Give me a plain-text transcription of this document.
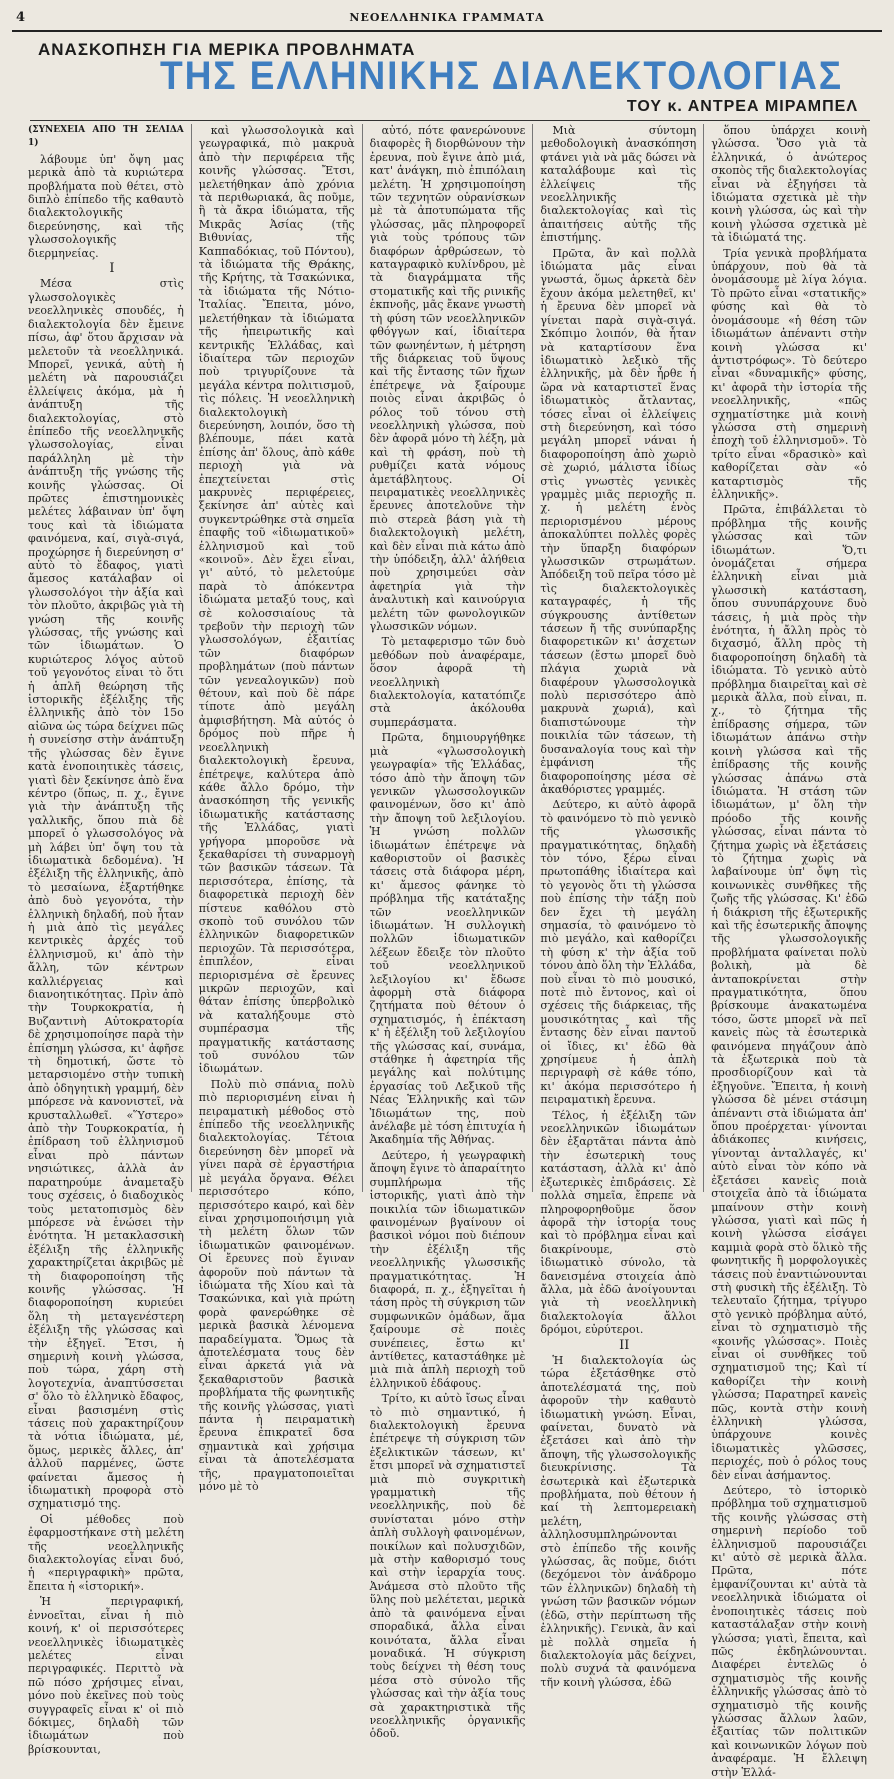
4	ΝΕΟΕΛΛΗΝΙΚΑ ΓΡΑΜΜΑΤΑ
ΑΝΑΣΚΟΠΗΣΗ ΓΙΑ ΜΕΡΙΚΑ ΠΡΟΒΛΗΜΑΤΑ
ΤΗΣ ΕΛΛΗΝΙΚΗΣ ΔΙΑΛΕΚΤΟΛΟΓΙΑΣ
ΤΟΥ κ. ΑΝΤΡΕΑ ΜΙΡΑΜΠΕΛ

(ΣΥΝΕΧΕΙΑ ΑΠΟ ΤΗ ΣΕΛΙΔΑ 1)

λάβουμε ὑπ' ὄψη μας μερικὰ ἀπὸ τὰ κυριώτερα προβλήματα ποὺ θέτει, στὸ διπλὸ ἐπίπεδο τῆς καθαυτὸ διαλεκτολογικῆς διερεύνησης, καὶ τῆς γλωσσολογικῆς διερμηνείας.

Ι

Μέσα στὶς γλωσσολογικὲς νεοελληνικὲς σπουδές, ἡ διαλεκτολογία δὲν ἔμεινε πίσω, ἀφ' ὅτου ἄρχισαν νὰ μελετοῦν τὰ νεοελληνικά. Μπορεῖ, γενικά, αὐτὴ ἡ μελέτη νὰ παρουσιάζει ἐλλείψεις ἀκόμα, μὰ ἡ ἀνάπτυξη τῆς διαλεκτολογίας, στὸ ἐπίπεδο τῆς νεοελληνικῆς γλωσσολογίας, εἶναι παράλληλη μὲ τὴν ἀνάπτυξη τῆς γνώσης τῆς κοινῆς γλώσσας. Οἱ πρῶτες ἐπιστημονικὲς μελέτες λάβαιναν ὑπ' ὄψη τους καὶ τὰ ἰδιώματα φαινόμενα, καί, σιγὰ-σιγά, προχώρησε ἡ διερεύνηση σ' αὐτὸ τὸ ἔδαφος, γιατὶ ἄμεσος κατάλαβαν οἱ γλωσσολόγοι τὴν ἀξία καὶ τὸν πλοῦτο, ἀκριβῶς γιὰ τὴ γνώση τῆς κοινῆς γλώσσας, τῆς γνώσης καὶ τῶν ἰδιωμάτων. Ὁ κυριώτερος λόγος αὐτοῦ τοῦ γεγονότος εἶναι τὸ ὅτι ἡ ἁπλῆ θεώρηση τῆς ἱστορικῆς ἐξέλιξης τῆς ἑλληνικῆς ἀπὸ τὸν 15ο αἰῶνα ὡς τώρα δείχνει πῶς ἡ συνείσησ στὴν ἀνάπτυξη τῆς γλώσσας δὲν ἔγινε κατὰ ἑνοποιητικὲς τάσεις, γιατὶ δὲν ξεκίνησε ἀπὸ ἕνα κέντρο (ὅπως, π. χ., ἔγινε γιὰ τὴν ἀνάπτυξη τῆς γαλλικῆς, ὅπου πιὰ δὲ μπορεῖ ὁ γλωσσολόγος νὰ μὴ λάβει ὑπ' ὄψη του τὰ ἰδιωματικὰ δεδομένα). Ἡ ἐξέλιξη τῆς ἑλληνικῆς, ἀπὸ τὸ μεσαίωνα, ἐξαρτήθηκε ἀπὸ δυὸ γεγονότα, τὴν ἑλληνικὴ δηλαδή, ποὺ ἦταν ἡ μιὰ ἀπὸ τὶς μεγάλες κεντρικὲς ἀρχές τοῦ ἑλληνισμοῦ, κι' ἀπὸ τὴν ἄλλη, τῶν κέντρων καλλιέργειας καὶ διανοητικότητας. Πρὶν ἀπὸ τὴν Τουρκοκρατία, ἡ Βυζαντινὴ Αὐτοκρατορία δὲ χρησιμοποίησε παρὰ τὴν ἐπίσημη γλώσσα, κι' ἀφῆσε τὴ δημοτική, ὥστε τὸ μεταρσιομένο στὴν τυπικὴ ἀπὸ ὀδηγητικὴ γραμμή, δὲν μπόρεσε νὰ κανονιστεῖ, νὰ κρυσταλλωθεῖ. «Ὕστερο» ἀπὸ τὴν Τουρκοκρατία, ἡ ἐπίδραση τοῦ ἑλληνισμοῦ εἶναι πρὸ πάντων νησιώτικες, ἀλλὰ ἀν παρατηρούμε ἀναμεταξὺ τους σχέσεις, ὁ διαδοχικὸς τοὺς μετατοπισμὸς δὲν μπόρεσε νὰ ἑνώσει τὴν ἑνότητα. Ἡ μετακλασσικὴ ἐξέλιξη τῆς ἑλληνικῆς χαρακτηρίζεται ἀκριβῶς μὲ τὴ διαφοροποίηση τῆς κοινῆς γλώσσας. Ἡ διαφοροποίηση κυριεύει ὅλη τὴ μεταγενέστερη ἐξέλιξη τῆς γλώσσας καὶ τὴν ἐξηγεῖ. Ἔτσι, ἡ σημερινὴ κοινὴ γλώσσα, ποὺ τώρα, χάρη στὴ λογοτεχνία, ἀναπτύσσεται σ' ὅλο τὸ ἑλληνικὸ ἔδαφος, εἶναι βασισμένη στὶς τάσεις ποὺ χαρακτηρίζουν τὰ νότια ἰδιώματα, μέ, ὅμως, μερικὲς ἄλλες, ἀπ' ἀλλοῦ παρμένες, ὥστε φαίνεται ἄμεσος ἡ ἰδιωματικὴ προφορὰ στὸ σχηματισμό της.

Οἱ μέθοδες ποὺ ἐφαρμοστήκανε στὴ μελέτη τῆς νεοελληνικῆς διαλεκτολογίας εἶναι δυό, ἡ «περιγραφικὴ» πρῶτα, ἔπειτα ἡ «ἱστορική».

Ἡ περιγραφική, ἐννοεῖται, εἶναι ἡ πιὸ κοινή, κ' οἱ περισσότερες νεοελληνικὲς ἰδιωματικὲς μελέτες εἶναι περιγραφικές. Περιττὸ νὰ πῶ πόσο χρήσιμες εἶναι, μόνο ποὺ ἐκεῖνες ποὺ τοὺς συγγραφεῖς εἶναι κ' οἱ πιὸ δόκιμες, δηλαδὴ τῶν ἰδιωμάτων ποὺ βρίσκουνται,

καὶ γλωσσολογικὰ καὶ γεωγραφικά, πιὸ μακρυὰ ἀπὸ τὴν περιφέρεια τῆς κοινῆς γλώσσας. Ἔτσι, μελετήθηκαν ἀπὸ χρόνια τὰ περιθωριακά, ἃς ποῦμε, ἢ τὰ ἄκρα ἰδιώματα, τῆς Μικρᾶς Ἀσίας (τῆς Βιθυνίας, τῆς Καππαδόκιας, τοῦ Πόντου), τὰ ἰδιώματα τῆς Θράκης, τῆς Κρήτης, τὰ Τσακώνικα, τὰ ἰδιώματα τῆς Νότιο-Ἰταλίας. Ἔπειτα, μόνο, μελετήθηκαν τὰ ἰδιώματα τῆς ἠπειρωτικῆς καὶ κεντρικῆς Ἑλλάδας, καὶ ἰδιαίτερα τῶν περιοχῶν ποὺ τριγυρίζουνε τὰ μεγάλα κέντρα πολιτισμοῦ, τὶς πόλεις. Ἡ νεοελληνικὴ διαλεκτολογικὴ διερεύνηση, λοιπόν, ὅσο τὴ βλέπουμε, πάει κατὰ ἐπίσης ἀπ' ὅλους, ἀπὸ κάθε περιοχὴ γιὰ νὰ ἐπεχτείνεται στὶς μακρυνὲς περιφέρειες, ξεκίνησε ἀπ' αὐτὲς καὶ συγκεντρώθηκε στὰ σημεῖα ἐπαφῆς τοῦ «ἰδιωματικοῦ» ἑλληνισμοῦ καὶ τοῦ «κοινοῦ». Δὲν ἔχει εἶναι, γι' αὐτό, τὸ μελετούμε παρὰ τὸ ἀπόκεντρα ἰδιώματα μεταξύ τους, καὶ σὲ κολοσσιαίους τὰ τρεβοῦν τὴν περιοχὴ τῶν γλωσσολόγων, ἐξαιτίας τῶν διαφόρων προβλημάτων (ποὺ πάντων τῶν γενεαλογικῶν) ποὺ θέτουν, καὶ ποὺ δὲ πάρε τίποτε ἀπὸ μεγάλη ἀμφισβήτηση. Μὰ αὐτός ὁ δρόμος ποὺ πῆρε ἡ νεοελληνικὴ διαλεκτολογικὴ ἔρευνα, ἐπέτρεψε, καλύτερα ἀπὸ κάθε ἄλλο δρόμο, τὴν ἀνασκόπηση τῆς γενικῆς ἰδιωματικῆς κατάστασης τῆς Ἑλλάδας, γιατὶ γρήγορα μποροῦσε νὰ ξεκαθαρίσει τὴ συναρμογὴ τῶν βασικῶν τάσεων. Τὰ περισσότερα, ἐπίσης, τὰ διαφορετικὰ περιοχὴ δὲν πίστευε καθόλου στὸ σκοπὸ τοῦ συνόλου τῶν ἑλληνικῶν διαφορετικῶν περιοχῶν. Τὰ περισσότερα, ἐπιπλέον, εἶναι περιορισμένα σὲ ἔρευνες μικρῶν περιοχῶν, καὶ θάταν ἐπίσης ὑπερβολικὸ νὰ καταλήξουμε στὸ συμπέρασμα τῆς πραγματικῆς κατάστασης τοῦ συνόλου τῶν ἰδιωμάτων.

Πολὺ πιὸ σπάνια, πολὺ πιὸ περιορισμένη εἶναι ἡ πειραματικὴ μέθοδος στὸ ἐπίπεδο τῆς νεοελληνικῆς διαλεκτολογίας. Τέτοια διερεύνηση δὲν μπορεῖ νὰ γίνει παρὰ σὲ ἐργαστήρια μὲ μεγάλα ὄργανα. Θέλει περισσότερο κόπο, περισσότερο καιρό, καὶ δὲν εἶναι χρησιμοποιήσιμη γιὰ τὴ μελέτη ὅλων τῶν ἰδιωματικῶν φαινομένων. Οἱ ἔρευνες ποὺ ἔγιναν ἀφοροῦν ποὺ πάντων τὰ ἰδιώματα τῆς Χίου καὶ τὰ Τσακώνικα, καὶ γιὰ πρώτη φορὰ φανερώθηκε σὲ μερικὰ βασικὰ λένομενα παραδείγματα. Ὅμως τὰ ἀποτελέσματα τους δὲν εἶναι ἀρκετά γιὰ νὰ ξεκαθαριστοῦν βασικὰ προβλήματα τῆς φωνητικῆς τῆς κοινῆς γλώσσας, γιατὶ πάντα ἡ πειραματικὴ ἔρευνα ἐπικρατεῖ δσα σημαντικὰ καὶ χρήσιμα εἶναι τὰ ἀποτελέσματα τῆς, πραγματοποιεῖται μόνο μὲ τὸ

αὐτό, πότε φανερώνουνε διαφορὲς ἢ διορθώνουν τὴν ἐρευνα, ποὺ ἔγινε ἀπὸ μιά, κατ' ἀνάγκη, πιὸ ἐπιπόλαιη μελέτη. Ἡ χρησιμοποίηση τῶν τεχνητῶν οὐρανίσκων μὲ τὰ ἀποτυπώματα τῆς γλώσσας, μᾶς πληροφορεῖ γιὰ τοὺς τρόπους τῶν διαφόρων ἀρθρώσεων, τὸ καταγραφικὸ κυλίνδρου, μὲ τὰ διαγράμματα τῆς στοματικῆς καὶ τῆς ρινικῆς ἐκπνοῆς, μᾶς ἔκανε γνωστὴ τὴ φύση τῶν νεοελληνικῶν φθόγγων καί, ἰδιαίτερα τῶν φωνηέντων, ἡ μέτρηση τῆς διάρκειας τοῦ ὕψους καὶ τῆς ἔντασης τῶν ἤχων ἐπέτρεψε νὰ ξαίρουμε ποιὸς εἶναι ἀκριβῶς ὁ ρόλος τοῦ τόνου στὴ νεοελληνικὴ γλώσσα, ποὺ δὲν ἀφορᾶ μόνο τὴ λέξη, μὰ καὶ τὴ φράση, ποὺ τὴ ρυθμίζει κατὰ νόμους ἀμετάβλητους. Οἱ πειραματικὲς νεοελληνικὲς ἔρευνες ἀποτελοῦνε τὴν πιὸ στερεὰ βάση γιὰ τὴ διαλεκτολογικὴ μελέτη, καὶ δὲν εἶναι πιὰ κάτω ἀπὸ τὴν ὑπόδειξη, ἀλλ' ἀλήθεια ποὺ χρησιμεύει σὰν ἀφετηρία γιὰ τὴν ἀναλυτικὴ καὶ καινούργια μελέτη τῶν φωνολογικῶν γλωσσικῶν νόμων.

Τὸ μεταφερισμο τῶν δυὸ μεθόδων ποὺ ἀναφέραμε, ὅσον ἀφορᾶ τὴ νεοελληνικὴ διαλεκτολογία, κατατόπιζε στὰ ἀκόλουθα συμπεράσματα.

Πρῶτα, δημιουργήθηκε μιὰ «γλωσσολογικὴ γεωγραφία» τῆς Ἑλλάδας, τόσο ἀπὸ τὴν ἄποψη τῶν γενικῶν γλωσσολογικῶν φαινομένων, ὅσο κι' ἀπὸ τὴν ἄποψη τοῦ λεξιλογίου. Ἡ γνώση πολλῶν ἰδιωμάτων ἐπέτρεψε νὰ καθοριστοῦν οἱ βασικὲς τάσεις στὰ διάφορα μέρη, κι' ἄμεσος φάνηκε τὸ πρόβλημα τῆς κατάταξης τῶν νεοελληνικῶν ἰδιωμάτων. Ἡ συλλογικὴ πολλῶν ἰδιωματικῶν λέξεων ἔδειξε τὸν πλοῦτο τοῦ νεοελληνικοῦ λεξιλογίου κι' ἔδωσε ἀφορμὴ στὰ διάφορα ζητήματα ποὺ θέτουν ὁ σχηματισμός, ἡ ἐπέκταση κ' ἡ ἐξέλιξη τοῦ λεξιλογίου τῆς γλώσσας καί, συνάμα, στάθηκε ἡ ἀφετηρία τῆς μεγάλης καὶ πολύτιμης ἐργασίας τοῦ Λεξικοῦ τῆς Νέας Ἑλληνικῆς καὶ τῶν Ἰδιωμάτων της, ποὺ ἀνέλαβε μὲ τόση ἐπιτυχία ἡ Ἀκαδημία τῆς Ἀθήνας.

Δεύτερο, ἡ γεωγραφικὴ ἄποψη ἔγινε τὸ ἀπαραίτητο συμπλήρωμα τῆς ἱστορικῆς, γιατὶ ἀπὸ τὴν ποικιλία τῶν ἰδιωματικῶν φαινομένων βγαίνουν οἱ βασικοὶ νόμοι ποὺ διέπουν τὴν ἐξέλιξη τῆς νεοελληνικῆς γλωσσικῆς πραγματικότητας. Ἡ διαφορά, π. χ., ἐξηγεῖται ἡ τάση πρὸς τὴ σύγκριση τῶν συμφωνικῶν ὁμάδων, ἅμα ξαίρουμε σὲ ποιὲς συνέπειες, ἔστω κι' ἀντίθετες, καταστάθηκε μὲ μιὰ πιὰ ἁπλὴ περιοχὴ τοῦ ἑλληνικοῦ ἐδάφους.

Τρίτο, κι αὐτὸ ἴσως εἶναι τὸ πιὸ σημαντικό, ἡ διαλεκτολογικὴ ἔρευνα ἐπέτρεψε τὴ σύγκριση τῶν ἐξελικτικῶν τάσεων, κι' ἔτσι μπορεῖ νὰ σχηματιστεῖ μιὰ πιὸ συγκριτικὴ γραμματικὴ τῆς νεοελληνικῆς, ποὺ δὲ συνίσταται μόνο στὴν ἁπλὴ συλλογὴ φαινομένων, ποικίλων καὶ πολυσχιδῶν, μὰ στὴν καθορισμό τους καὶ στὴν ἱεραρχία τους. Ἀνάμεσα στὸ πλοῦτο τῆς ὕλης ποὺ μελέτεται, μερικὰ ἀπὸ τὰ φαινόμενα εἶναι σποραδικά, ἄλλα εἶναι κοινότατα, ἄλλα εἶναι μοναδικά. Ἡ σύγκριση τοὺς δείχνει τὴ θέση τους μέσα στὸ σύνολο τῆς γλώσσας καὶ τὴν ἀξία τους σὰ χαρακτηριστικὰ τῆς νεοελληνικῆς ὀργανικῆς ὁδοῦ.

Μιὰ σύντομη μεθοδολογικὴ ἀνασκόπηση φτάνει γιὰ νὰ μᾶς δώσει νὰ καταλάβουμε καὶ τὶς ἐλλείψεις τῆς νεοελληνικῆς διαλεκτολογίας καὶ τὶς ἀπαιτήσεις αὐτῆς τῆς ἐπιστήμης.

Πρῶτα, ἂν καὶ πολλὰ ἰδιώματα μᾶς εἶναι γνωστά, ὅμως ἀρκετὰ δὲν ἔχουν ἀκόμα μελετηθεῖ, κι' ἡ ἔρευνα δὲν μπορεῖ νὰ γίνεται παρὰ σιγὰ-σιγά. Σκόπιμο λοιπόν, θὰ ἦταν νὰ καταρτίσουν ἕνα ἰδιωματικὸ λεξικὸ τῆς ἑλληνικῆς, μὰ δὲν ἦρθε ἡ ὥρα νὰ καταρτιστεῖ ἕνας ἰδιωματικὸς ἄτλαντας, τόσες εἶναι οἱ ἐλλείψεις στὴ διερεύνηση, καὶ τόσο μεγάλη μπορεῖ νάναι ἡ διαφοροποίηση ἀπὸ χωριὸ σὲ χωριό, μάλιστα ἰδίως στὶς γνωστὲς γενικὲς γραμμὲς μιᾶς περιοχῆς π. χ. ἡ μελέτη ἑνὸς περιορισμένου μέρους ἀποκαλύπτει πολλὲς φορὲς τὴν ὕπαρξη διαφόρων γλωσσικῶν στρωμάτων. Ἀπόδειξη τοῦ πεῖρα τόσο μὲ τὶς διαλεκτολογικὲς καταγραφές, ἡ τῆς σύγκρουσης ἀντίθετων τάσεων ἤ τῆς συνύπαρξης διαφορετικῶν κι' ἀσχετων τάσεων (ἔστω μπορεῖ δυὸ πλάγια χωριὰ νὰ διαφέρουν γλωσσολογικὰ πολὺ περισσότερο ἀπὸ μακρυνὰ χωριά), καὶ διαπιστώνουμε τὴν ποικιλία τῶν τάσεων, τὴ δυσαναλογία τους καὶ τὴν ἐμφάνιση τῆς διαφοροποίησης μέσα σὲ ἀκαθόριστες γραμμές.

Δεύτερο, κι αὐτὸ ἀφορᾶ τὸ φαινόμενο τὸ πιὸ γενικὸ τῆς γλωσσικῆς πραγματικότητας, δηλαδὴ τὸν τόνο, ξέρω εἶναι πρωτοπάθης ἰδιαίτερα καὶ τὸ γεγονὸς ὅτι τὴ γλώσσα ποὺ ἐπίσης τὴν τάξη ποὺ δεν ἔχει τὴ μεγάλη σημασία, τὸ φαινόμενο τὸ πιὸ μεγάλο, καὶ καθορίζει τὴ φύση κ' τὴν ἀξία τοῦ τόνου ἀπὸ ὅλη τὴν Ἑλλάδα, ποὺ εἶναι τὸ πιὸ μουσικό, ποτὲ πιὸ ἔντονος, καὶ οἱ σχέσεις τῆς διάρκειας, τῆς μουσικότητας καὶ τῆς ἔντασης δὲν εἶναι παντοῦ οἱ ἴδιες, κι' ἐδῶ θὰ χρησίμευε ἡ ἁπλὴ περιγραφὴ σὲ κάθε τόπο, κι' ἀκόμα περισσότερο ἡ πειραματικὴ ἔρευνα.

Τέλος, ἡ ἐξέλιξη τῶν νεοελληνικῶν ἰδιωμάτων δὲν ἐξαρτᾶται πάντα ἀπὸ τὴν ἐσωτερικὴ τους κατάσταση, ἀλλὰ κι' ἀπὸ ἐξωτερικὲς ἐπιδράσεις. Σὲ πολλὰ σημεῖα, ἔπρεπε νὰ πληροφορηθοῦμε ὅσον ἀφορᾶ τὴν ἱστορία τους καὶ τὸ πρόβλημα εἶναι καὶ διακρίνουμε, στὸ ἰδιωματικὸ σύνολο, τὰ δανεισμένα στοιχεία ἀπὸ ἄλλα, μὰ ἐδῶ ἀνοίγουνται γιὰ τὴ νεοελληνικὴ διαλεκτολογία ἄλλοι δρόμοι, εὐρύτεροι.

ΙΙ

Ἡ διαλεκτολογία ὡς τώρα ἐξετάσθηκε στὸ ἀποτελέσματά της, ποὺ ἀφοροῦν τὴν καθαυτὸ ἰδιωματικὴ γνώση. Εἶναι, φαίνεται, δυνατὸ νὰ ἐξετάσει καὶ ἀπὸ τὴν ἄποψη, τῆς γλωσσολογικῆς διευκρίνισης. Τὰ ἐσωτερικὰ καὶ ἐξωτερικὰ προβλήματα, ποὺ θέτουν ἡ καί τὴ λεπτομερειακὴ μελέτη, ἀλληλοσυμπληρώνονται στὸ ἐπίπεδο τῆς κοινῆς γλώσσας, ἃς ποῦμε, διότι (δεχόμενοι τὸν ἀνάδρομο τῶν ἑλληνικῶν) δηλαδὴ τὴ γνώση τῶν βασικῶν νόμων (ἐδῶ, στὴν περίπτωση τῆς ἑλληνικῆς). Γενικὰ, ἂν καὶ μὲ πολλὰ σημεῖα ἡ διαλεκτολογία μᾶς δείχνει, πολὺ συχνά τὰ φαινόμενα τῆν κοινὴ γλώσσα, ἐδῶ

ὅπου ὑπάρχει κοινὴ γλώσσα. Ὅσο γιὰ τὰ ἑλληνικά, ὁ ἀνώτερος σκοπὸς τῆς διαλεκτολογίας εἶναι νὰ ἐξηγήσει τὰ ἰδιώματα σχετικὰ μὲ τὴν κοινὴ γλώσσα, ὡς καὶ τὴν κοινὴ γλώσσα σχετικὰ μὲ τὰ ἰδιώματά της.

Τρία γενικὰ προβλήματα ὑπάρχουν, ποὺ θὰ τὰ ὀνομάσουμε μὲ λίγα λόγια. Τὸ πρῶτο εἶναι «στατικῆς» φύσης καὶ θὰ τὸ ὀνομάσουμε «ἡ θέση τῶν ἰδιωμάτων ἀπέναντι στὴν κοινὴ γλώσσα κι' ἀντιστρόφως». Τὸ δεύτερο εἶναι «δυναμικῆς» φύσης, κι' ἀφορᾶ τὴν ἱστορία τῆς νεοελληνικῆς, «πῶς σχηματίστηκε μιὰ κοινὴ γλώσσα στὴ σημερινὴ ἐποχὴ τοῦ ἑλληνισμοῦ». Τὸ τρίτο εἶναι «δρασικὸ» καὶ καθορίζεται σὰν «ὁ καταρτισμὸς τῆς ἑλληνικῆς».

Πρῶτα, ἐπιβάλλεται τὸ πρόβλημα τῆς κοινῆς γλώσσας καὶ τῶν ἰδιωμάτων. Ὅ,τι ὀνομάζεται σήμερα ἑλληνικὴ εἶναι μιὰ γλωσσικὴ κατάσταση, ὅπου συνυπάρχουνε δυὸ τάσεις, ἡ μιὰ πρὸς τὴν ἑνότητα, ἡ ἄλλη πρὸς τὸ διχασμό, ἄλλη πρὸς τὴ διαφοροποίηση δηλαδὴ τὰ ἰδιώματα. Τὸ γενικὸ αὐτὸ πρόβλημα διαιρεῖται καὶ σὲ μερικὰ ἄλλα, ποὺ εἶναι, π. χ., τὸ ζήτημα τῆς ἐπίδρασης σήμερα, τῶν ἰδιωμάτων ἀπάνω στὴν κοινὴ γλώσσα καὶ τῆς ἐπίδρασης τῆς κοινῆς γλώσσας ἀπάνω στὰ ἰδιώματα. Ἡ στάση τῶν ἰδιωμάτων, μ' ὅλη τὴν πρόοδο τῆς κοινῆς γλώσσας, εἶναι πάντα τὸ ζήτημα χωρὶς νὰ ἐξετάσεις τὸ ζήτημα χωρὶς νὰ λαβαίνουμε ὑπ' ὄψη τὶς κοινωνικὲς συνθῆκες τῆς ζωῆς τῆς γλώσσας. Κι' ἐδῶ ἡ διάκριση τῆς ἐξωτερικῆς καὶ τῆς ἐσωτερικῆς ἄποψης τῆς γλωσσολογικῆς προβλήματα φαίνεται πολὺ βολικὴ, μὰ δὲ ἀνταποκρίνεται στὴν πραγματικότητα, ὅπου βρίσκουμε ἀνακατωμένα τόσο, ὥστε μπορεῖ νὰ πεῖ κανεὶς πὼς τὰ ἐσωτερικὰ φαινόμενα πηγάζουν ἀπὸ τὰ ἐξωτερικὰ ποὺ τὰ προσδιορίζουν καὶ τὰ ἐξηγοῦνε. Ἔπειτα, ἡ κοινὴ γλώσσα δὲ μένει στάσιμη ἀπέναντι στὰ ἰδιώματα ἀπ' ὅπου προέρχεται· γίνονται ἀδιάκοπες κινήσεις, γίνονται ἀνταλλαγές, κι' αὐτὸ εἶναι τὸν κόπο νὰ ἐξετάσει κανεὶς ποιὰ στοιχεῖα ἀπὸ τὰ ἰδιώματα μπαίνουν στὴν κοινὴ γλώσσα, γιατὶ καὶ πῶς ἡ κοινὴ γλώσσα εἰσάγει καμμιὰ φορὰ στὸ ὅλικὸ τῆς φωνητικῆς ἢ μορφολογικὲς τάσεις ποὺ ἐναντιώνουνται στὴ φυσικὴ τῆς ἐξέλιξη. Τὸ τελευταῖο ζήτημα, τρίγυρο στὸ γενικὸ πρόβλημα αὐτό, εἶναι τὸ σχηματισμὸ τῆς «κοινῆς γλώσσας». Ποιὲς εἶναι οἱ συνθῆκες τοῦ σχηματισμοῦ της; Καὶ τί καθορίζει τὴν κοινὴ γλώσσα; Παρατηρεῖ κανεὶς πῶς, κοντὰ στὴν κοινὴ ἑλληνικὴ γλώσσα, ὑπάρχουνε κοινὲς ἰδιωματικὲς γλῶσσες, περιοχές, ποὺ ὁ ρόλος τους δὲν εἶναι ἀσήμαντος.

Δεύτερο, τὸ ἱστορικὸ πρόβλημα τοῦ σχηματισμοῦ τῆς κοινῆς γλώσσας στὴ σημερινὴ περίοδο τοῦ ἑλληνισμοῦ παρουσιάζει κι' αὐτὸ σὲ μερικὰ ἄλλα. Πρῶτα, πότε ἐμφανίζουνται κι' αὐτὰ τὰ νεοελληνικὰ ἰδιώματα οἱ ἐνοποιητικὲς τάσεις ποὺ καταστάλαξαν στὴν κοινὴ γλώσσα; γιατὶ, ἔπειτα, καὶ πῶς ἐκδηλώνουνται. Διαφέρει ἐντελῶς ὁ σχηματισμὸς τῆς κοινῆς ἑλληνικῆς γλώσσας ἀπὸ τὸ σχηματισμὸ τῆς κοινῆς γλώσσας ἄλλων λαῶν, ἐξαιτίας τῶν πολιτικῶν καὶ κοινωνικῶν λόγων ποὺ ἀναφέραμε. Ἡ ἔλλειψη στὴν Ἑλλά-
